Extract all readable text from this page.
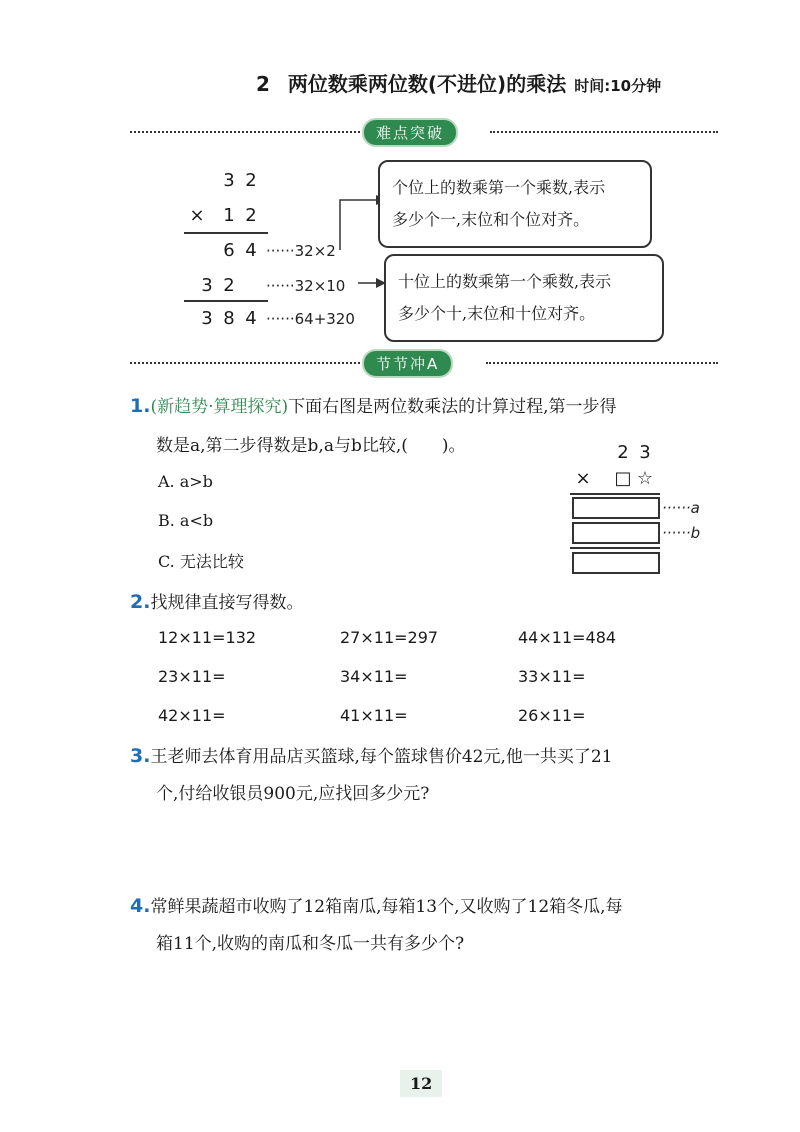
2 两位数乘两位数(不进位)的乘法 时间:10分钟
难点突破
3 2
× 1 2
6 4 ······32×2
3 2	······32×10
3 8 4 ······64+320
个位上的数乘第一个乘数,表示
多少个一,末位和个位对齐。
十位上的数乘第一个乘数,表示
多少个十,末位和十位对齐。
节节冲A
1.(新趋势·算理探究)下面右图是两位数乘法的计算过程,第一步得
数是a,第二步得数是b,a与b比较,(　　)。
A. a>b
B. a<b
C. 无法比较
2 3
× □ ☆
······a
······b
2.找规律直接写得数。
12×11=132	27×11=297	44×11=484
23×11=	34×11=	33×11=
42×11=	41×11=	26×11=
3.王老师去体育用品店买篮球,每个篮球售价42元,他一共买了21
个,付给收银员900元,应找回多少元?
4.常鲜果蔬超市收购了12箱南瓜,每箱13个,又收购了12箱冬瓜,每
箱11个,收购的南瓜和冬瓜一共有多少个?
12
